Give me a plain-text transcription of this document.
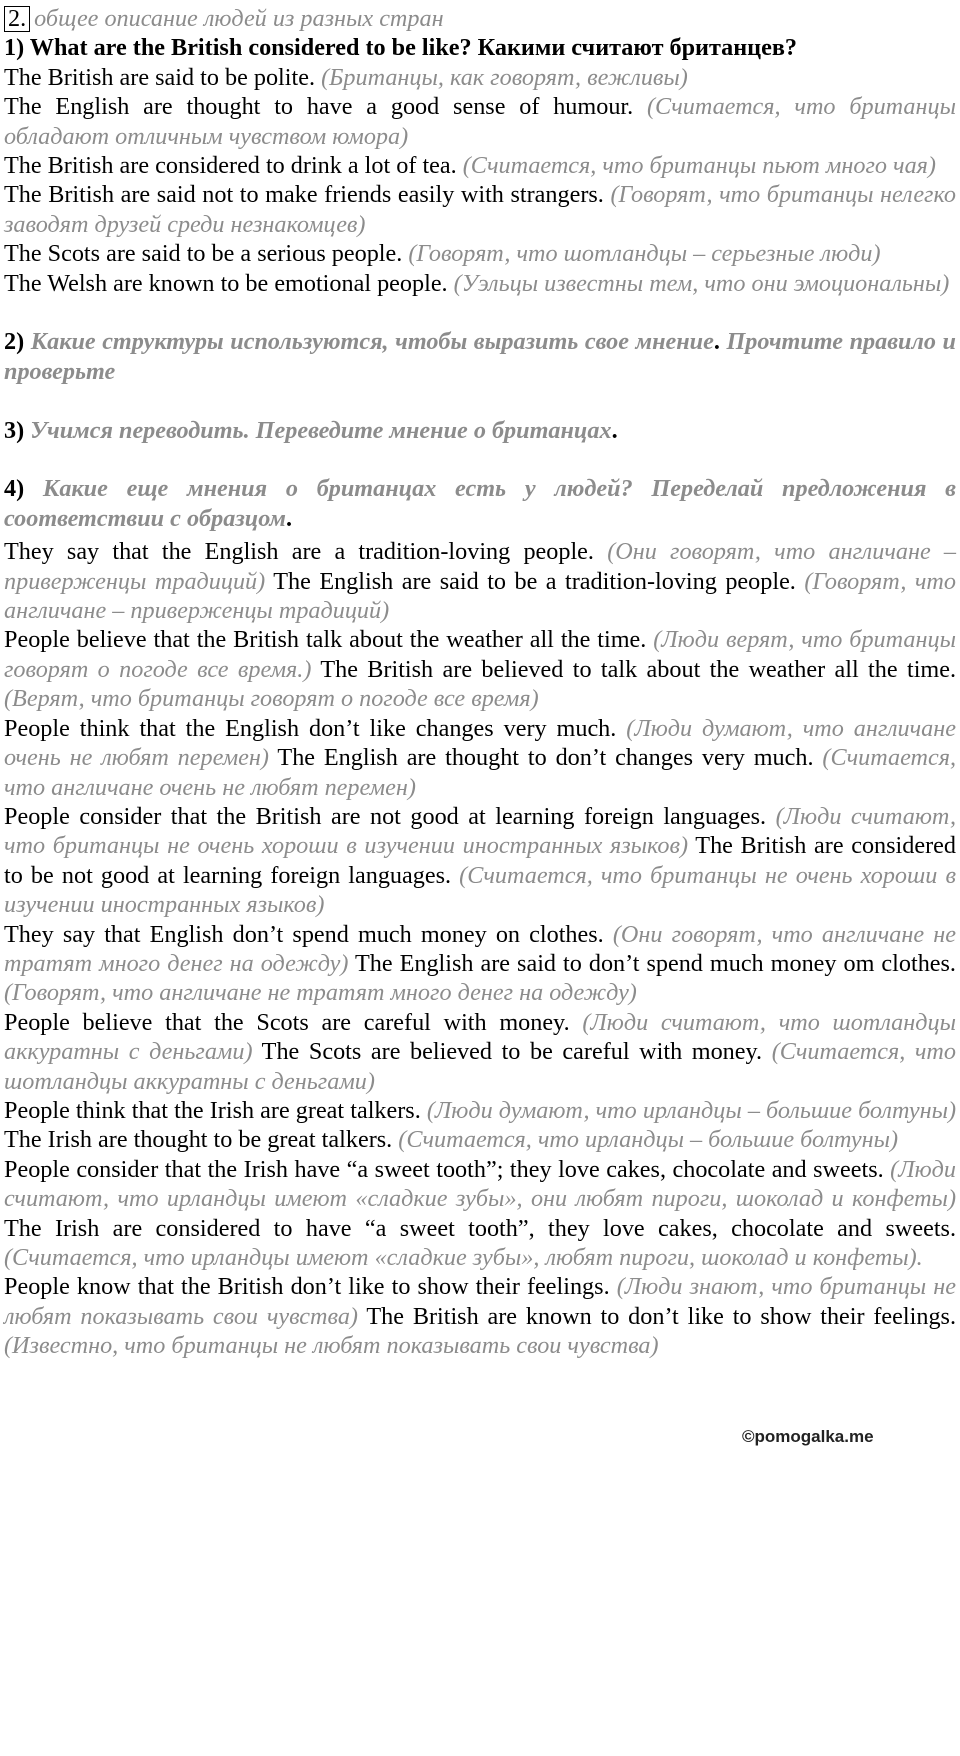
2. общее описание людей из разных стран

1) What are the British considered to be like? Какими считают британцев?

The British are said to be polite. (Британцы, как говорят, вежливы)

The English are thought to have a good sense of humour. (Считается, что британцы обладают отличным чувством юмора)

The British are considered to drink a lot of tea. (Считается, что британцы пьют много чая)

The British are said not to make friends easily with strangers. (Говорят, что британцы нелегко заводят друзей среди незнакомцев)

The Scots are said to be a serious people. (Говорят, что шотландцы – серьезные люди)

The Welsh are known to be emotional people. (Уэльцы известны тем, что они эмоциональны)

2) Какие структуры используются, чтобы выразить свое мнение. Прочтите правило и проверьте

3) Учимся переводить. Переведите мнение о британцах.

4) Какие еще мнения о британцах есть у людей? Переделай предложения в соответствии с образцом.

They say that the English are a tradition-loving people. (Они говорят, что англичане – приверженцы традиций) The English are said to be a tradition-loving people. (Говорят, что англичане – приверженцы традиций)

People believe that the British talk about the weather all the time. (Люди верят, что британцы говорят о погоде все время.) The British are believed to talk about the weather all the time. (Верят, что британцы говорят о погоде все время)

People think that the English don’t like changes very much. (Люди думают, что англичане очень не любят перемен) The English are thought to don’t changes very much. (Считается, что англичане очень не любят перемен)

People consider that the British are not good at learning foreign languages. (Люди считают, что британцы не очень хороши в изучении иностранных языков) The British are considered to be not good at learning foreign languages. (Считается, что британцы не очень хороши в изучении иностранных языков)

They say that English don’t spend much money on clothes. (Они говорят, что англичане не тратят много денег на одежду) The English are said to don’t spend much money om clothes. (Говорят, что англичане не тратят много денег на одежду)

People believe that the Scots are careful with money. (Люди считают, что шотландцы аккуратны с деньгами) The Scots are believed to be careful with money. (Считается, что шотландцы аккуратны с деньгами)

People think that the Irish are great talkers. (Люди думают, что ирландцы – большие болтуны) The Irish are thought to be great talkers. (Считается, что ирландцы – большие болтуны)

People consider that the Irish have “a sweet tooth”; they love cakes, chocolate and sweets. (Люди считают, что ирландцы имеют «сладкие зубы», они любят пироги, шоколад и конфеты) The Irish are considered to have “a sweet tooth”, they love cakes, chocolate and sweets. (Считается, что ирландцы имеют «сладкие зубы», любят пироги, шоколад и конфеты).

People know that the British don’t like to show their feelings. (Люди знают, что британцы не любят показывать свои чувства) The British are known to don’t like to show their feelings. (Известно, что британцы не любят показывать свои чувства)

©pomogalka.me
